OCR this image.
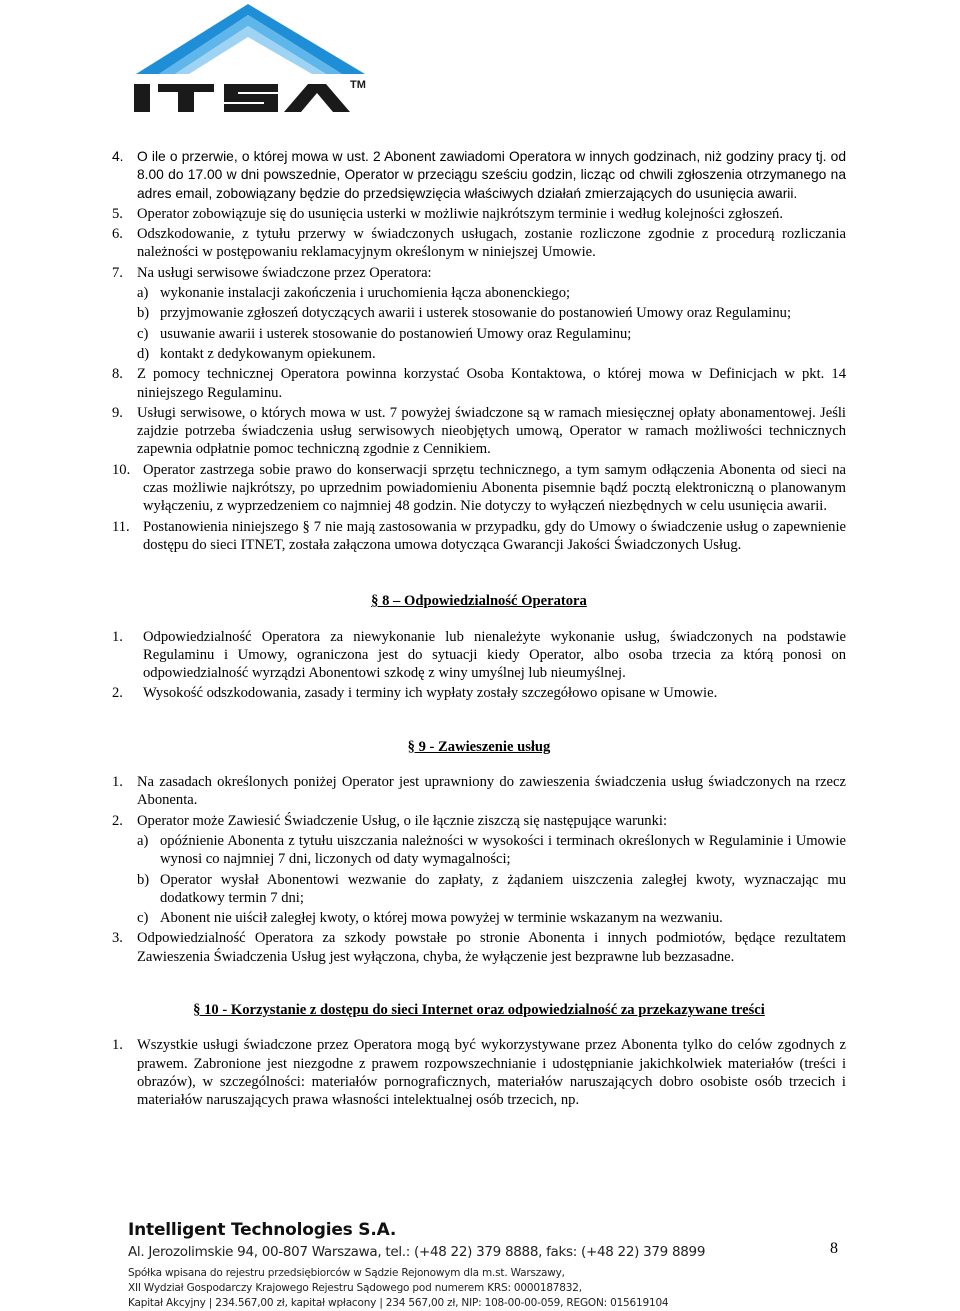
TM
4. O ile o przerwie, o której mowa w ust. 2 Abonent zawiadomi Operatora w innych godzinach, niż godziny pracy tj. od 8.00 do 17.00 w dni powszednie, Operator w przeciągu sześciu godzin, licząc od chwili zgłoszenia otrzymanego na adres email, zobowiązany będzie do przedsięwzięcia właściwych działań zmierzających do usunięcia awarii.
5. Operator zobowiązuje się do usunięcia usterki w możliwie najkrótszym terminie i według kolejności zgłoszeń.
6. Odszkodowanie, z tytułu przerwy w świadczonych usługach, zostanie rozliczone zgodnie z procedurą rozliczania należności w postępowaniu reklamacyjnym określonym w niniejszej Umowie.
7. Na usługi serwisowe świadczone przez Operatora:
a) wykonanie instalacji zakończenia i uruchomienia łącza abonenckiego;
b) przyjmowanie zgłoszeń dotyczących awarii i usterek stosowanie do postanowień Umowy oraz Regulaminu;
c) usuwanie awarii i usterek stosowanie do postanowień Umowy oraz Regulaminu;
d) kontakt z dedykowanym opiekunem.
8. Z pomocy technicznej Operatora powinna korzystać Osoba Kontaktowa, o której mowa w Definicjach w pkt. 14 niniejszego Regulaminu.
9. Usługi serwisowe, o których mowa w ust. 7 powyżej świadczone są w ramach miesięcznej opłaty abonamentowej. Jeśli zajdzie potrzeba świadczenia usług serwisowych nieobjętych umową, Operator w ramach możliwości technicznych zapewnia odpłatnie pomoc techniczną zgodnie z Cennikiem.
10. Operator zastrzega sobie prawo do konserwacji sprzętu technicznego, a tym samym odłączenia Abonenta od sieci na czas możliwie najkrótszy, po uprzednim powiadomieniu Abonenta pisemnie bądź pocztą elektroniczną o planowanym wyłączeniu, z wyprzedzeniem co najmniej 48 godzin. Nie dotyczy to wyłączeń niezbędnych w celu usunięcia awarii.
11. Postanowienia niniejszego § 7 nie mają zastosowania w przypadku, gdy do Umowy o świadczenie usług o zapewnienie dostępu do sieci ITNET, została załączona umowa dotycząca Gwarancji Jakości Świadczonych Usług.

§ 8 – Odpowiedzialność Operatora

1. Odpowiedzialność Operatora za niewykonanie lub nienależyte wykonanie usług, świadczonych na podstawie Regulaminu i Umowy, ograniczona jest do sytuacji kiedy Operator, albo osoba trzecia za którą ponosi on odpowiedzialność wyrządzi Abonentowi szkodę z winy umyślnej lub nieumyślnej.
2. Wysokość odszkodowania, zasady i terminy ich wypłaty zostały szczegółowo opisane w Umowie.

§ 9 - Zawieszenie usług

1. Na zasadach określonych poniżej Operator jest uprawniony do zawieszenia świadczenia usług świadczonych na rzecz Abonenta.
2. Operator może Zawiesić Świadczenie Usług, o ile łącznie ziszczą się następujące warunki:
a) opóźnienie Abonenta z tytułu uiszczania należności w wysokości i terminach określonych w Regulaminie i Umowie wynosi co najmniej 7 dni, liczonych od daty wymagalności;
b) Operator wysłał Abonentowi wezwanie do zapłaty, z żądaniem uiszczenia zaległej kwoty, wyznaczając mu dodatkowy termin 7 dni;
c) Abonent nie uiścił zaległej kwoty, o której mowa powyżej w terminie wskazanym na wezwaniu.
3. Odpowiedzialność Operatora za szkody powstałe po stronie Abonenta i innych podmiotów, będące rezultatem Zawieszenia Świadczenia Usług jest wyłączona, chyba, że wyłączenie jest bezprawne lub bezzasadne.

§ 10 - Korzystanie z dostępu do sieci Internet oraz odpowiedzialność za przekazywane treści

1. Wszystkie usługi świadczone przez Operatora mogą być wykorzystywane przez Abonenta tylko do celów zgodnych z prawem. Zabronione jest niezgodne z prawem rozpowszechnianie i udostępnianie jakichkolwiek materiałów (treści i obrazów), w szczególności: materiałów pornograficznych, materiałów naruszających dobro osobiste osób trzecich i materiałów naruszających prawa własności intelektualnej osób trzecich, np.
Intelligent Technologies S.A.
Al. Jerozolimskie 94, 00-807 Warszawa, tel.: (+48 22) 379 8888, faks: (+48 22) 379 8899
Spółka wpisana do rejestru przedsiębiorców w Sądzie Rejonowym dla m.st. Warszawy,
XII Wydział Gospodarczy Krajowego Rejestru Sądowego pod numerem KRS: 0000187832,
Kapitał Akcyjny | 234.567,00 zł, kapitał wpłacony | 234 567,00 zł, NIP: 108-00-00-059, REGON: 015619104
8
